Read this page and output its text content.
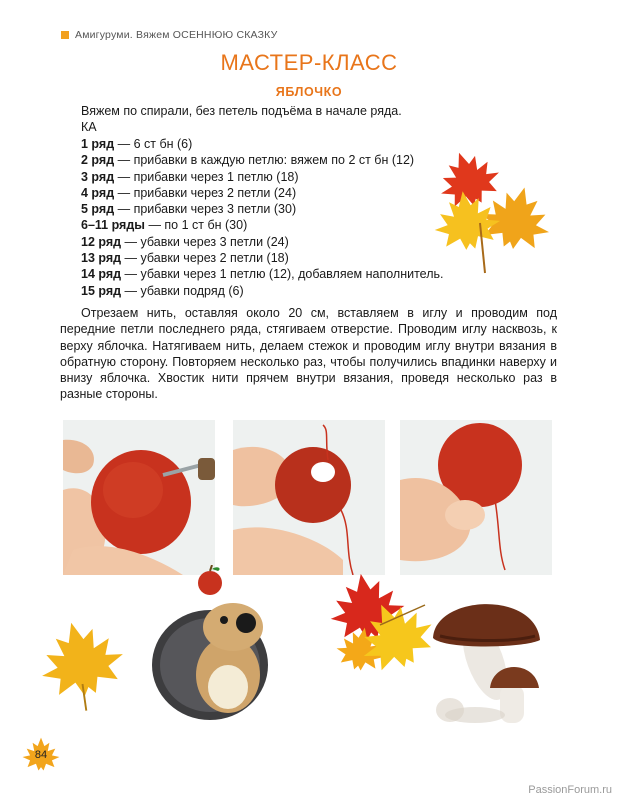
Амигуруми. Вяжем ОСЕННЮЮ СКАЗКУ
МАСТЕР-КЛАСС
ЯБЛОЧКО
Вяжем по спирали, без петель подъёма в начале ряда.
КА
1 ряд — 6 ст бн (6)
2 ряд — прибавки в каждую петлю: вяжем по 2 ст бн (12)
3 ряд — прибавки через 1 петлю (18)
4 ряд — прибавки через 2 петли (24)
5 ряд — прибавки через 3 петли (30)
6–11 ряды — по 1 ст бн (30)
12 ряд — убавки через 3 петли (24)
13 ряд — убавки через 2 петли (18)
14 ряд — убавки через 1 петлю (12), добавляем наполнитель.
15 ряд — убавки подряд (6)
Отрезаем нить, оставляя около 20 см, вставляем в иглу и проводим под передние петли последнего ряда, стягиваем отверстие. Проводим иглу насквозь, к верху яблочка. Натягиваем нить, делаем стежок и проводим иглу внутри вязания в обратную сторону. Повторяем несколько раз, чтобы получились впадинки наверху и внизу яблочка. Хвостик нити прячем внутри вязания, проведя несколько раз в разные стороны.
84
PassionForum.ru
